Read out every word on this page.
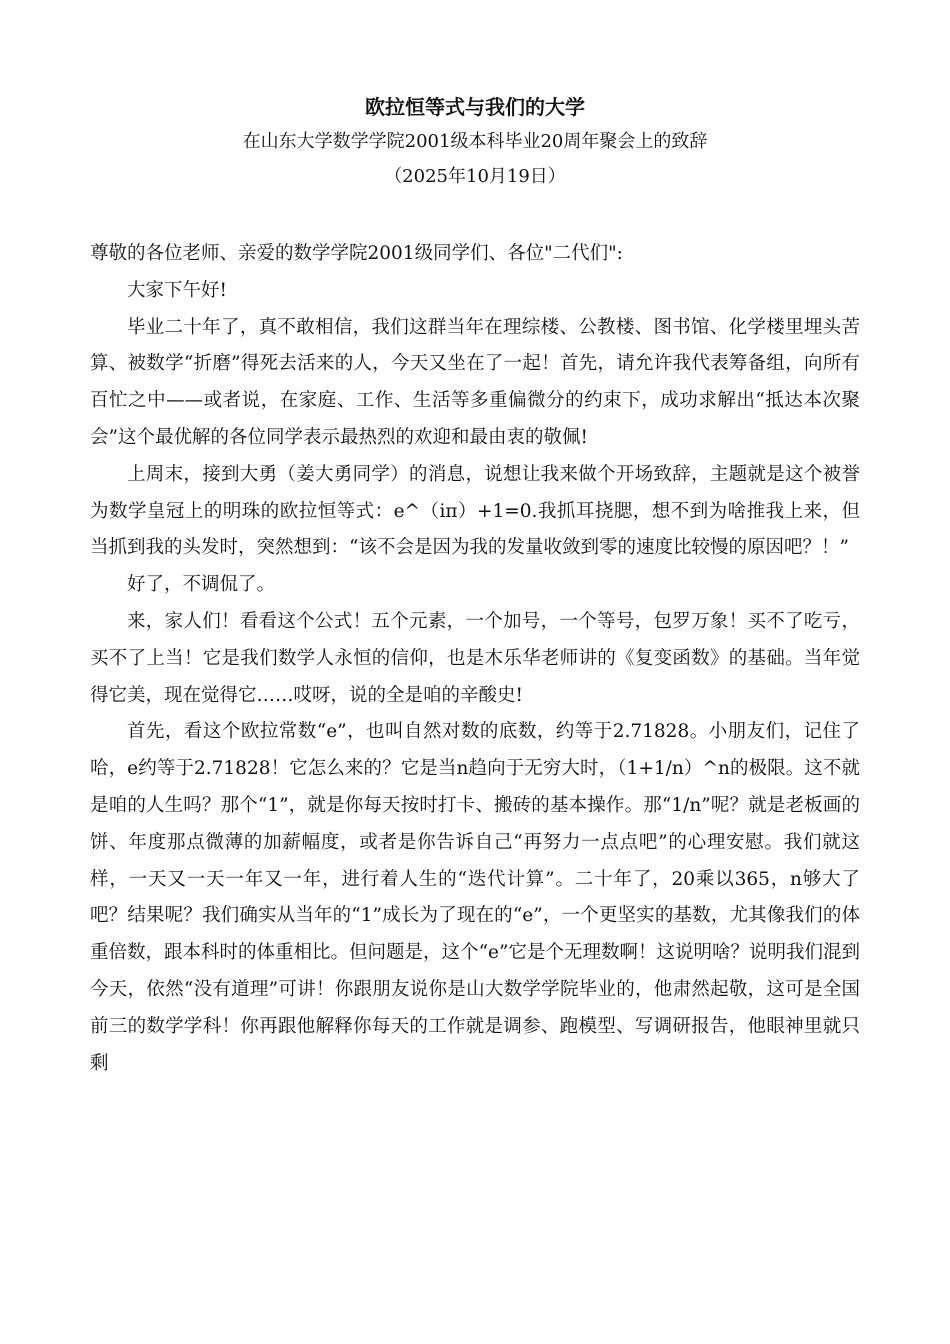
欧拉恒等式与我们的大学
在山东大学数学学院2001级本科毕业20周年聚会上的致辞
（2025年10月19日）

尊敬的各位老师、亲爱的数学学院2001级同学们、各位"二代们":

大家下午好!

毕业二十年了，真不敢相信，我们这群当年在理综楼、公教楼、图书馆、化学楼里埋头苦算、被数学“折磨”得死去活来的人，今天又坐在了一起！首先，请允许我代表筹备组，向所有百忙之中——或者说，在家庭、工作、生活等多重偏微分的约束下，成功求解出“抵达本次聚会”这个最优解的各位同学表示最热烈的欢迎和最由衷的敬佩!

上周末，接到大勇（姜大勇同学）的消息，说想让我来做个开场致辞，主题就是这个被誉为数学皇冠上的明珠的欧拉恒等式：e^（iπ）+1=0.我抓耳挠腮，想不到为啥推我上来，但当抓到我的头发时，突然想到：“该不会是因为我的发量收敛到零的速度比较慢的原因吧？！”

好了，不调侃了。

来，家人们！看看这个公式！五个元素，一个加号，一个等号，包罗万象！买不了吃亏，买不了上当！它是我们数学人永恒的信仰，也是木乐华老师讲的《复变函数》的基础。当年觉得它美，现在觉得它……哎呀，说的全是咱的辛酸史!

首先，看这个欧拉常数“e”，也叫自然对数的底数，约等于2.71828。小朋友们，记住了哈，e约等于2.71828！它怎么来的？它是当n趋向于无穷大时，（1+1/n）^n的极限。这不就是咱的人生吗？那个“1”，就是你每天按时打卡、搬砖的基本操作。那“1/n”呢？就是老板画的饼、年度那点微薄的加薪幅度，或者是你告诉自己“再努力一点点吧”的心理安慰。我们就这样，一天又一天一年又一年，进行着人生的“迭代计算”。二十年了，20乘以365，n够大了吧？结果呢？我们确实从当年的“1”成长为了现在的“e”，一个更坚实的基数，尤其像我们的体重倍数，跟本科时的体重相比。但问题是，这个“e”它是个无理数啊！这说明啥？说明我们混到今天，依然“没有道理”可讲！你跟朋友说你是山大数学学院毕业的，他肃然起敬，这可是全国前三的数学学科！你再跟他解释你每天的工作就是调参、跑模型、写调研报告，他眼神里就只剩
